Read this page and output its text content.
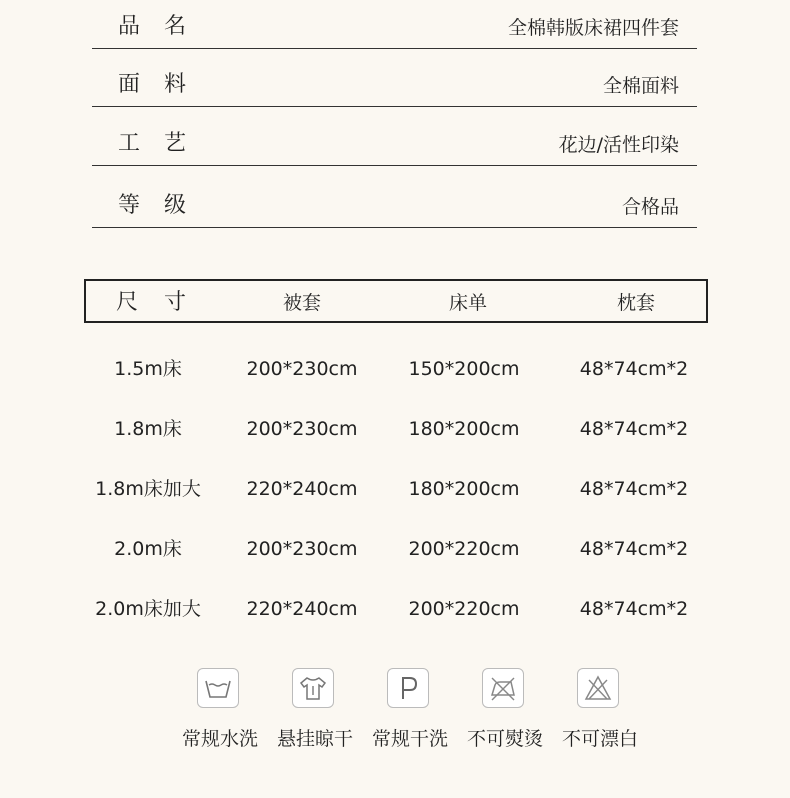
品名	全棉韩版床裙四件套
面料	全棉面料
工艺	花边/活性印染
等级	合格品
尺寸	被套	床单	枕套
1.5m床	200*230cm	150*200cm	48*74cm*2
1.8m床	200*230cm	180*200cm	48*74cm*2
1.8m床加大	220*240cm	180*200cm	48*74cm*2
2.0m床	200*230cm	200*220cm	48*74cm*2
2.0m床加大	220*240cm	200*220cm	48*74cm*2
常规水洗 悬挂晾干 常规干洗 不可熨烫 不可漂白
